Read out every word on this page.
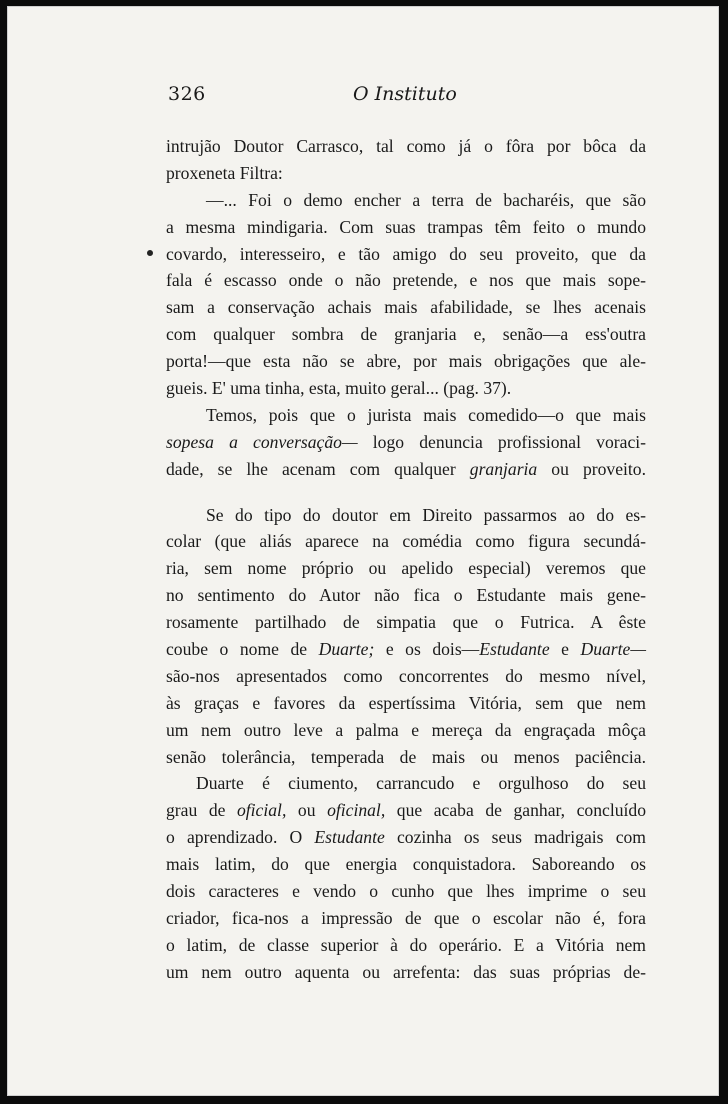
326	O Instituto
intrujão Doutor Carrasco, tal como já o fôra por bôca da
proxeneta Filtra:
—... Foi o demo encher a terra de bacharéis, que são
a mesma mindigaria. Com suas trampas têm feito o mundo
covardo, interesseiro, e tão amigo do seu proveito, que da
fala é escasso onde o não pretende, e nos que mais sope-
sam a conservação achais mais afabilidade, se lhes acenais
com qualquer sombra de granjaria e, senão—a ess'outra
porta!—que esta não se abre, por mais obrigações que ale-
gueis. E' uma tinha, esta, muito geral... (pag. 37).
Temos, pois que o jurista mais comedido—o que mais
sopesa a conversação— logo denuncia profissional voraci-
dade, se lhe acenam com qualquer granjaria ou proveito.
Se do tipo do doutor em Direito passarmos ao do es-
colar (que aliás aparece na comédia como figura secundá-
ria, sem nome próprio ou apelido especial) veremos que
no sentimento do Autor não fica o Estudante mais gene-
rosamente partilhado de simpatia que o Futrica. A êste
coube o nome de Duarte; e os dois—Estudante e Duarte—
são-nos apresentados como concorrentes do mesmo nível,
às graças e favores da espertíssima Vitória, sem que nem
um nem outro leve a palma e mereça da engraçada môça
senão tolerância, temperada de mais ou menos paciência.
Duarte é ciumento, carrancudo e orgulhoso do seu
grau de oficial, ou oficinal, que acaba de ganhar, concluído
o aprendizado. O Estudante cozinha os seus madrigais com
mais latim, do que energia conquistadora. Saboreando os
dois caracteres e vendo o cunho que lhes imprime o seu
criador, fica-nos a impressão de que o escolar não é, fora
o latim, de classe superior à do operário. E a Vitória nem
um nem outro aquenta ou arrefenta: das suas próprias de-
